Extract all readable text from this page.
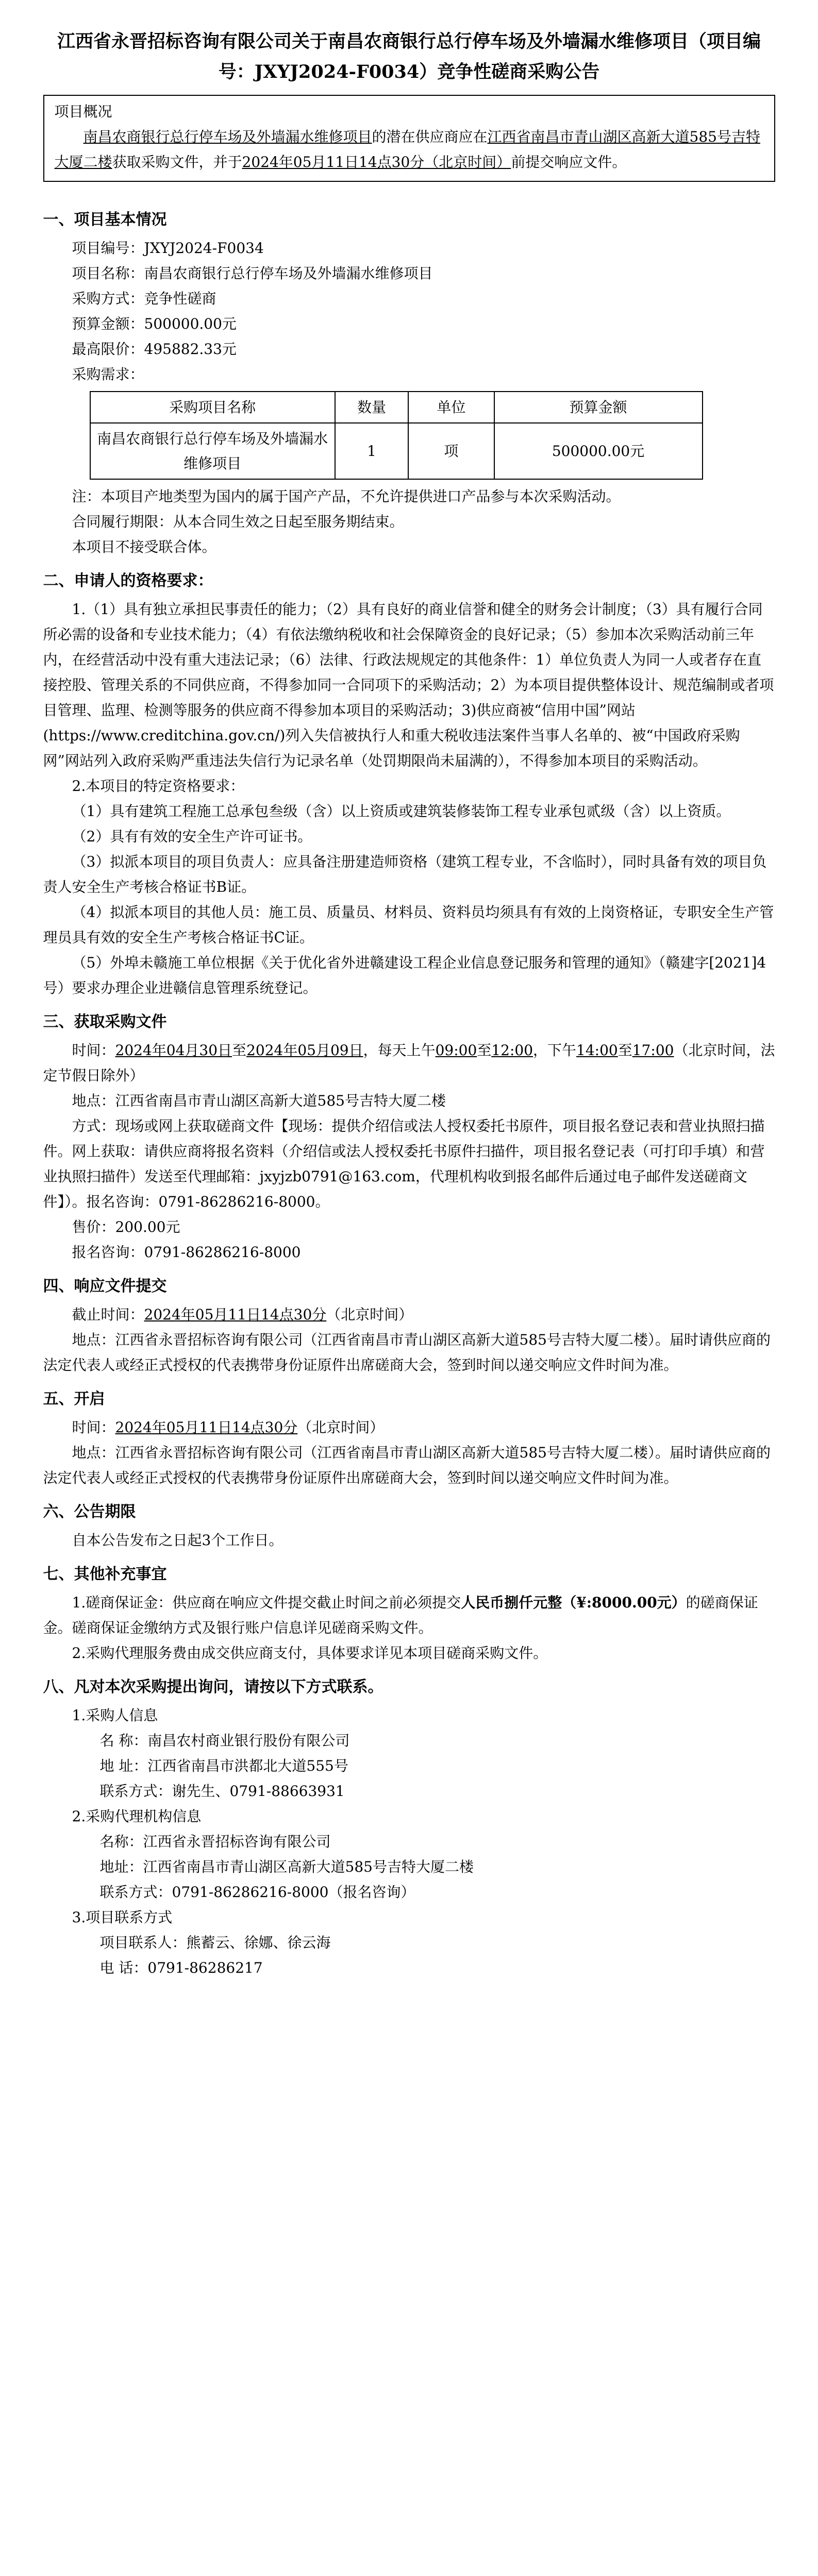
江西省永晋招标咨询有限公司关于南昌农商银行总行停车场及外墙漏水维修项目（项目编号：JXYJ2024-F0034）竞争性磋商采购公告
项目概况

南昌农商银行总行停车场及外墙漏水维修项目的潜在供应商应在江西省南昌市青山湖区高新大道585号吉特大厦二楼获取采购文件，并于2024年05月11日14点30分（北京时间）前提交响应文件。

一、项目基本情况

项目编号：JXYJ2024-F0034

项目名称：南昌农商银行总行停车场及外墙漏水维修项目

采购方式：竞争性磋商

预算金额：500000.00元

最高限价：495882.33元

采购需求：

采购项目名称	数量	单位	预算金额
南昌农商银行总行停车场及外墙漏水维修项目	1	项	500000.00元

注：本项目产地类型为国内的属于国产产品，不允许提供进口产品参与本次采购活动。

合同履行期限：从本合同生效之日起至服务期结束。

本项目不接受联合体。

二、申请人的资格要求：

1.（1）具有独立承担民事责任的能力；（2）具有良好的商业信誉和健全的财务会计制度；（3）具有履行合同所必需的设备和专业技术能力；（4）有依法缴纳税收和社会保障资金的良好记录；（5）参加本次采购活动前三年内，在经营活动中没有重大违法记录；（6）法律、行政法规规定的其他条件：1）单位负责人为同一人或者存在直接控股、管理关系的不同供应商，不得参加同一合同项下的采购活动；2）为本项目提供整体设计、规范编制或者项目管理、监理、检测等服务的供应商不得参加本项目的采购活动；3)供应商被“信用中国”网站(https://www.creditchina.gov.cn/)列入失信被执行人和重大税收违法案件当事人名单的、被“中国政府采购网”网站列入政府采购严重违法失信行为记录名单（处罚期限尚未届满的），不得参加本项目的采购活动。

2.本项目的特定资格要求：

（1）具有建筑工程施工总承包叁级（含）以上资质或建筑装修装饰工程专业承包贰级（含）以上资质。

（2）具有有效的安全生产许可证书。

（3）拟派本项目的项目负责人：应具备注册建造师资格（建筑工程专业，不含临时），同时具备有效的项目负责人安全生产考核合格证书B证。

（4）拟派本项目的其他人员：施工员、质量员、材料员、资料员均须具有有效的上岗资格证，专职安全生产管理员具有效的安全生产考核合格证书C证。

（5）外埠未赣施工单位根据《关于优化省外进赣建设工程企业信息登记服务和管理的通知》（赣建字[2021]4号）要求办理企业进赣信息管理系统登记。

三、获取采购文件

时间：2024年04月30日至2024年05月09日，每天上午09:00至12:00，下午14:00至17:00（北京时间，法定节假日除外）

地点：江西省南昌市青山湖区高新大道585号吉特大厦二楼

方式：现场或网上获取磋商文件【现场：提供介绍信或法人授权委托书原件，项目报名登记表和营业执照扫描件。网上获取：请供应商将报名资料（介绍信或法人授权委托书原件扫描件，项目报名登记表（可打印手填）和营业执照扫描件）发送至代理邮箱：jxyjzb0791@163.com，代理机构收到报名邮件后通过电子邮件发送磋商文件】）。报名咨询：0791-86286216-8000。

售价：200.00元

报名咨询：0791-86286216-8000

四、响应文件提交

截止时间：2024年05月11日14点30分（北京时间）

地点：江西省永晋招标咨询有限公司（江西省南昌市青山湖区高新大道585号吉特大厦二楼）。届时请供应商的法定代表人或经正式授权的代表携带身份证原件出席磋商大会，签到时间以递交响应文件时间为准。

五、开启

时间：2024年05月11日14点30分（北京时间）

地点：江西省永晋招标咨询有限公司（江西省南昌市青山湖区高新大道585号吉特大厦二楼）。届时请供应商的法定代表人或经正式授权的代表携带身份证原件出席磋商大会，签到时间以递交响应文件时间为准。

六、公告期限

自本公告发布之日起3个工作日。

七、其他补充事宜

1.磋商保证金：供应商在响应文件提交截止时间之前必须提交人民币捌仟元整（¥:8000.00元）的磋商保证金。磋商保证金缴纳方式及银行账户信息详见磋商采购文件。

2.采购代理服务费由成交供应商支付，具体要求详见本项目磋商采购文件。

八、凡对本次采购提出询问，请按以下方式联系。

1.采购人信息

名 称：南昌农村商业银行股份有限公司

地 址：江西省南昌市洪都北大道555号

联系方式：谢先生、0791-88663931

2.采购代理机构信息

名称：江西省永晋招标咨询有限公司

地址：江西省南昌市青山湖区高新大道585号吉特大厦二楼

联系方式：0791-86286216-8000（报名咨询）

3.项目联系方式

项目联系人：熊蓄云、徐娜、徐云海

电 话：0791-86286217
